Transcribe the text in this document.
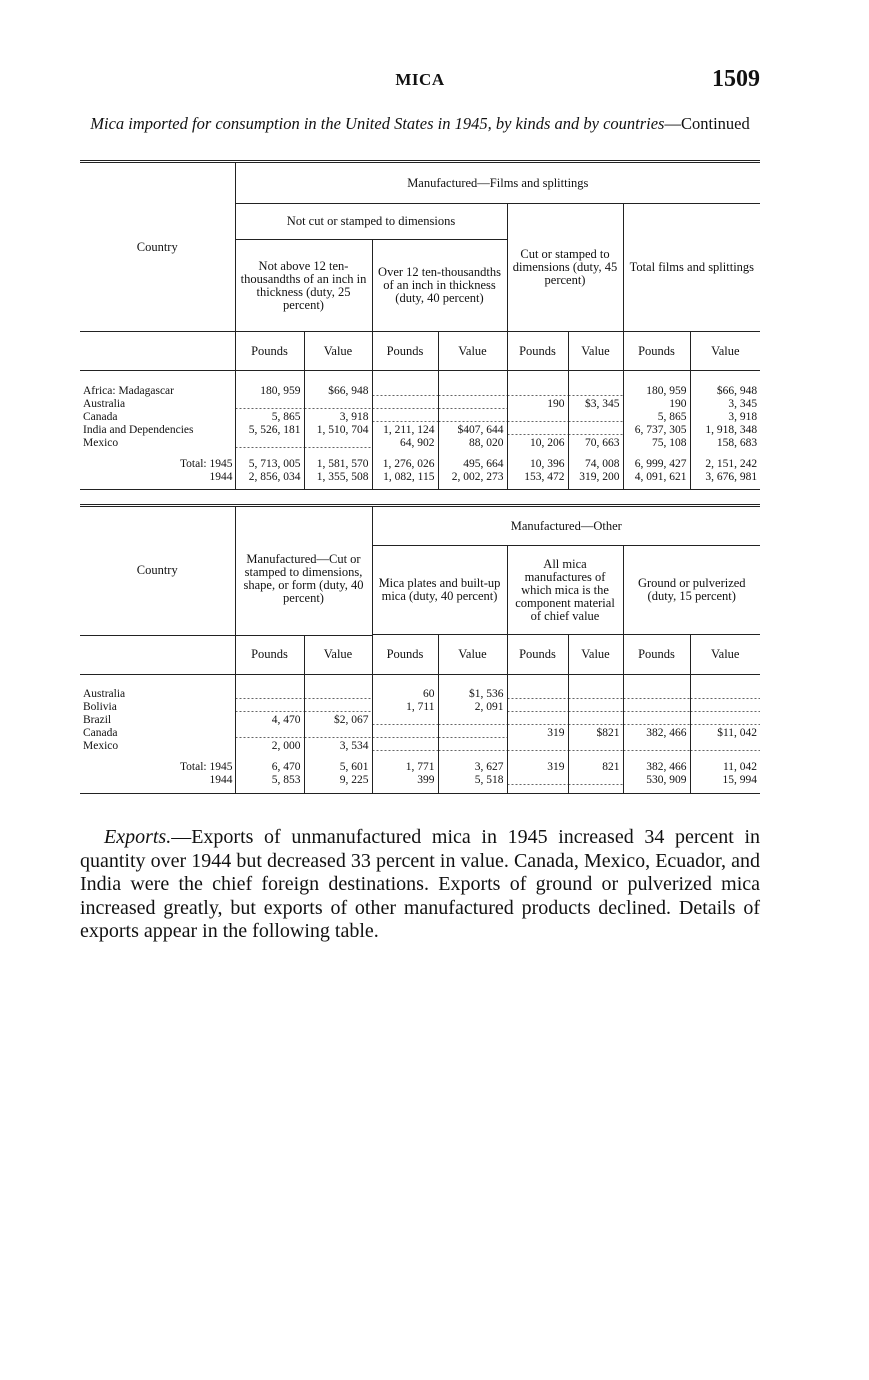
MICA	1509
Mica imported for consumption in the United States in 1945, by kinds and by countries—Continued
Country	Manufactured—Films and splittings							
	Not cut or stamped to dimensions				Cut or stamped to dimensions (duty, 45 percent)		Total films and splittings	
	Not above 12 ten-thousandths of an inch in thickness (duty, 25 percent)		Over 12 ten-thousandths of an inch in thickness (duty, 40 percent)					
	Pounds	Value	Pounds	Value	Pounds	Value	Pounds	Value

Africa: Madagascar	180, 959	$66, 948					180, 959	$66, 948
Australia					190	$3, 345	190	3, 345
Canada	5, 865	3, 918					5, 865	3, 918
India and Dependencies	5, 526, 181	1, 510, 704	1, 211, 124	$407, 644			6, 737, 305	1, 918, 348
Mexico			64, 902	88, 020	10, 206	70, 663	75, 108	158, 683

Total: 1945	5, 713, 005	1, 581, 570	1, 276, 026	495, 664	10, 396	74, 008	6, 999, 427	2, 151, 242
1944	2, 856, 034	1, 355, 508	1, 082, 115	2, 002, 273	153, 472	319, 200	4, 091, 621	3, 676, 981

Country	Manufactured—Cut or stamped to dimensions, shape, or form (duty, 40 percent)		Manufactured—Other					
			Mica plates and built-up mica (duty, 40 percent)		All mica manufactures of which mica is the component material of chief value		Ground or pulverized (duty, 15 percent)	

	Pounds	Value	Pounds	Value	Pounds	Value	Pounds	Value

Australia			60	$1, 536				
Bolivia			1, 711	2, 091				
Brazil	4, 470	$2, 067						
Canada					319	$821	382, 466	$11, 042
Mexico	2, 000	3, 534						

Total: 1945	6, 470	5, 601	1, 771	3, 627	319	821	382, 466	11, 042
1944	5, 853	9, 225	399	5, 518			530, 909	15, 994

Exports.—Exports of unmanufactured mica in 1945 increased 34 percent in quantity over 1944 but decreased 33 percent in value. Canada, Mexico, Ecuador, and India were the chief foreign destinations. Exports of ground or pulverized mica increased greatly, but exports of other manufactured products declined. Details of exports appear in the following table.
